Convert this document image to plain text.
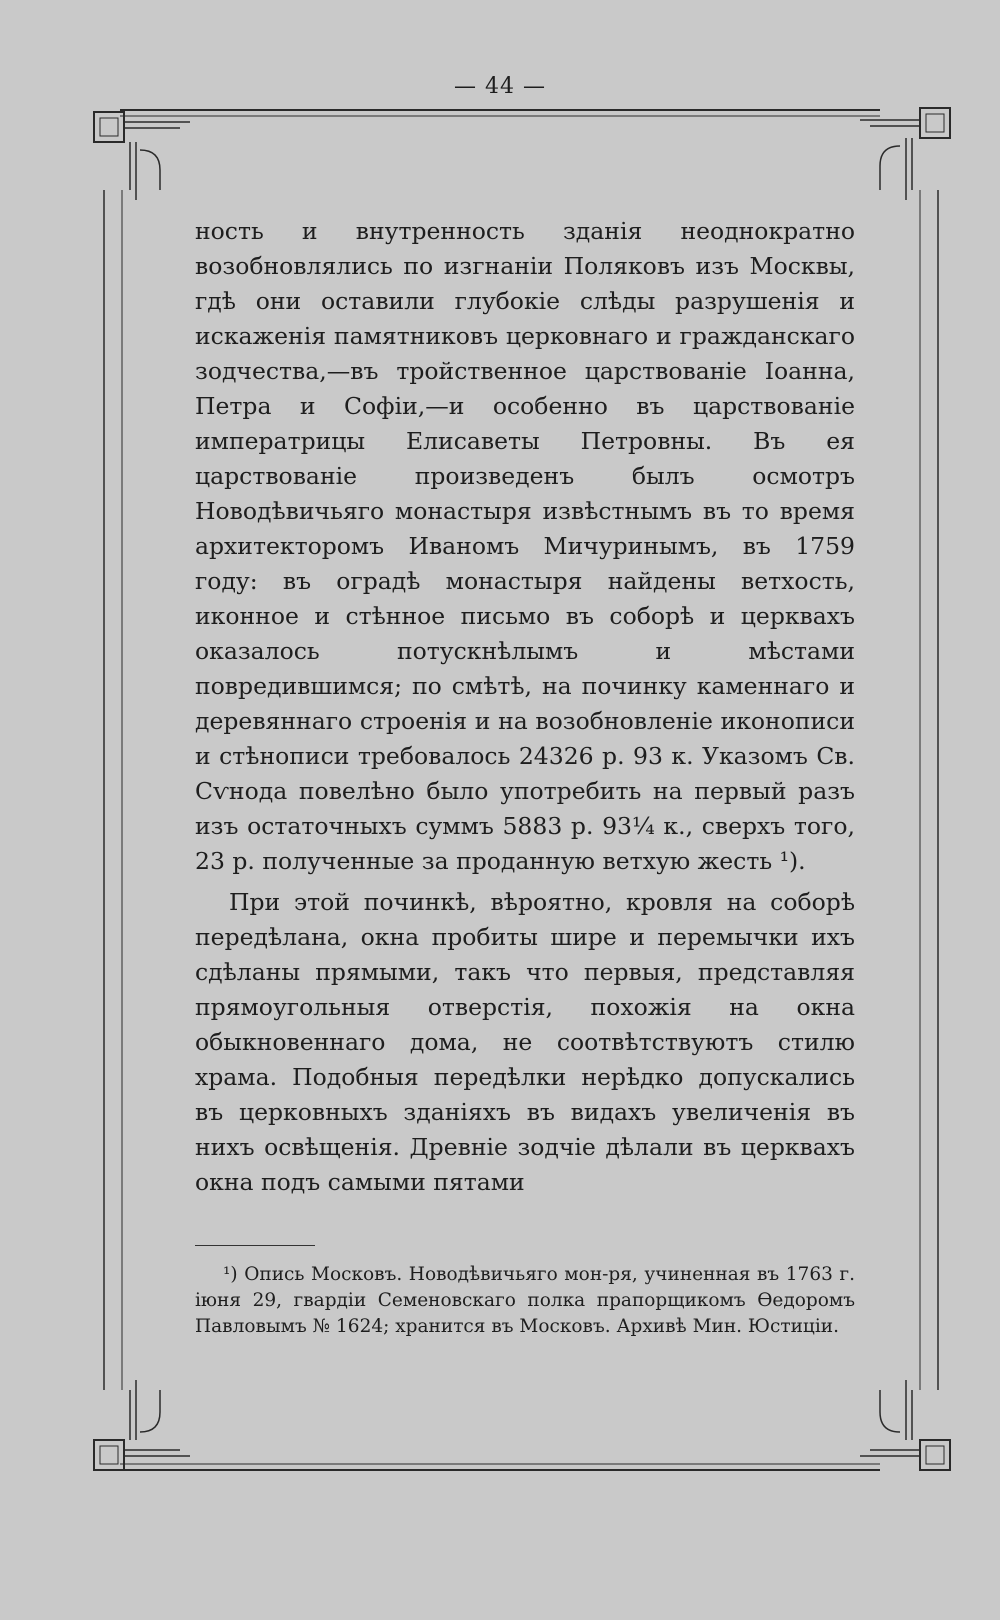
— 44 —

ность и внутренность зданія неоднократно возобновлялись по изгнаніи Поляковъ изъ Москвы, гдѣ они оставили глубокіе слѣды разрушенія и искаженія памятниковъ церковнаго и гражданскаго зодчества,—въ тройственное царствованіе Іоанна, Петра и Софіи,—и особенно въ царствованіе императрицы Елисаветы Петровны. Въ ея царствованіе произведенъ былъ осмотръ Новодѣвичьяго монастыря извѣстнымъ въ то время архитекторомъ Иваномъ Мичуринымъ, въ 1759 году: въ оградѣ монастыря найдены ветхость, иконное и стѣнное письмо въ соборѣ и церквахъ оказалось потускнѣлымъ и мѣстами повредившимся; по смѣтѣ, на починку каменнаго и деревяннаго строенія и на возобновленіе иконописи и стѣнописи требовалось 24326 р. 93 к. Указомъ Св. Сѵнода повелѣно было употребить на первый разъ изъ остаточныхъ суммъ 5883 р. 93¼ к., сверхъ того, 23 р. полученные за проданную ветхую жесть ¹).

При этой починкѣ, вѣроятно, кровля на соборѣ передѣлана, окна пробиты шире и перемычки ихъ сдѣланы прямыми, такъ что первыя, представляя прямоугольныя отверстія, похожія на окна обыкновеннаго дома, не соотвѣтствуютъ стилю храма. Подобныя передѣлки нерѣдко допускались въ церковныхъ зданіяхъ въ видахъ увеличенія въ нихъ освѣщенія. Древніе зодчіе дѣлали въ церквахъ окна подъ самыми пятами

¹) Опись Московъ. Новодѣвичьяго мон-ря, учиненная въ 1763 г. іюня 29, гвардіи Семеновскаго полка прапорщикомъ Ѳедоромъ Павловымъ № 1624; хранится въ Московъ. Архивѣ Мин. Юстиціи.
